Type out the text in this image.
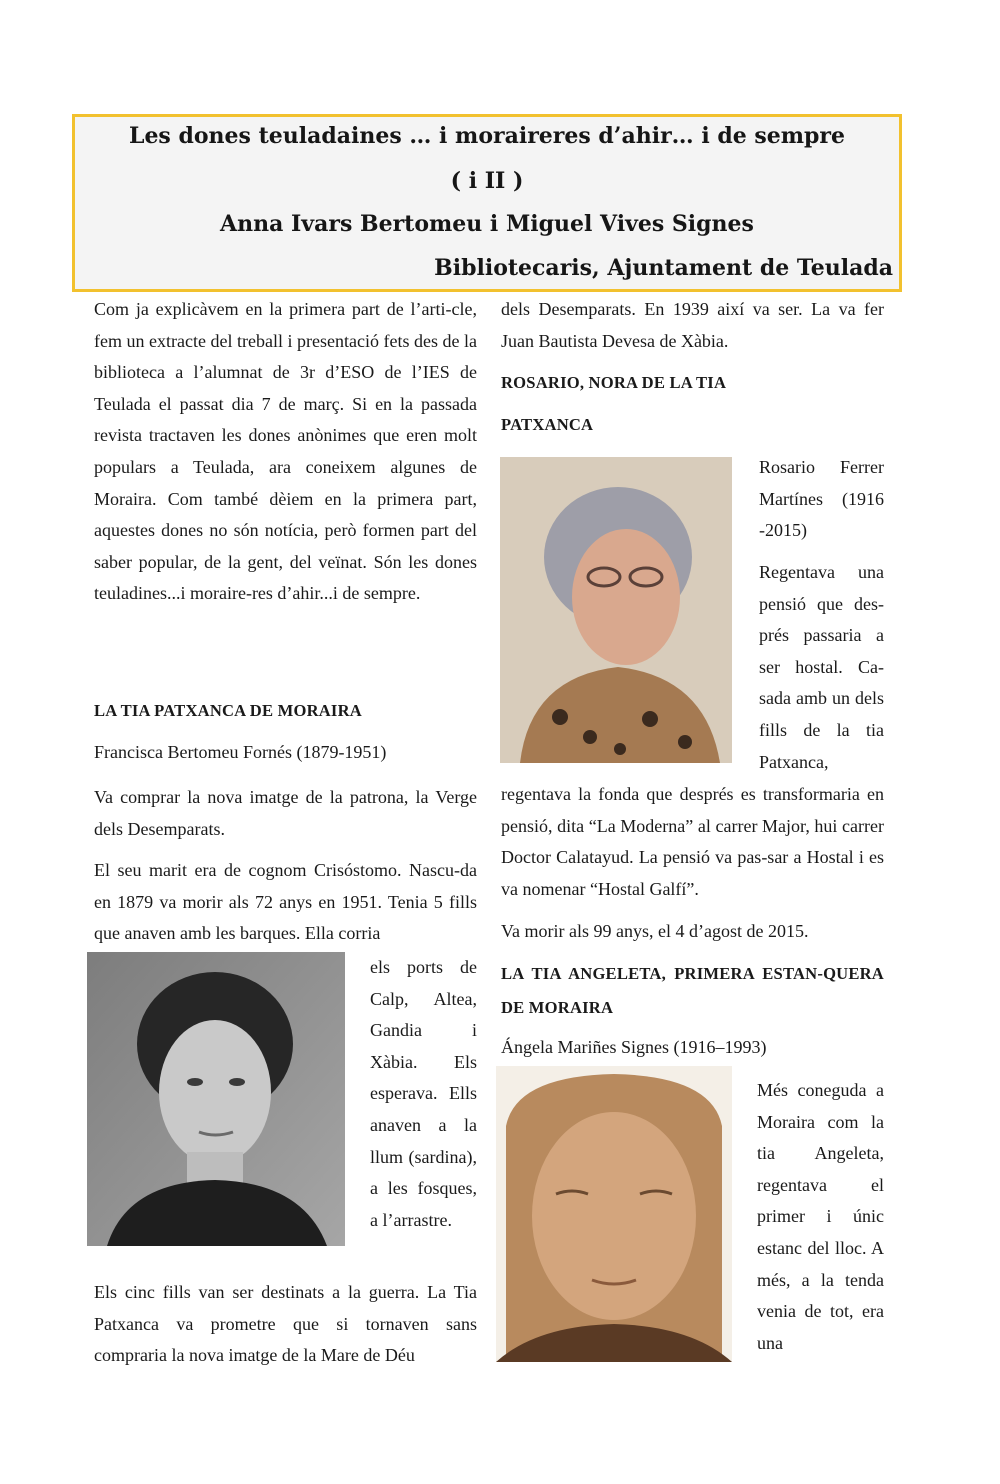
Les dones teuladaines … i moraireres d’ahir… i de sempre

( i II )

Anna Ivars Bertomeu i Miguel Vives Signes

Bibliotecaris, Ajuntament de Teulada

Com ja explicàvem en la primera part de l’arti-cle, fem un extracte del treball i presentació fets des de la biblioteca a l’alumnat de 3r d’ESO de l’IES de Teulada el passat dia 7 de març. Si en la passada revista tractaven les dones anònimes que eren molt populars a Teulada, ara coneixem algunes de Moraira. Com també dèiem en la primera part, aquestes dones no són notícia, però formen part del saber popular, de la gent, del veïnat. Són les dones teuladines...i moraire-res d’ahir...i de sempre.

LA TIA PATXANCA DE MORAIRA

Francisca Bertomeu Fornés (1879-1951)

Va comprar la nova imatge de la patrona, la Verge dels Desemparats.

El seu marit era de cognom Crisóstomo. Nascu-da en 1879 va morir als 72 anys en 1951. Tenia 5 fills que anaven amb les barques. Ella corria

els ports de Calp, Altea, Gandia i Xàbia. Els esperava. Ells anaven a la llum (sardina), a les fosques, a l’arrastre.

Els cinc fills van ser destinats a la guerra. La Tia Patxanca va prometre que si tornaven sans compraria la nova imatge de la Mare de Déu

dels Desemparats. En 1939 així va ser. La va fer Juan Bautista Devesa de Xàbia.

ROSARIO, NORA DE LA TIA

PATXANCA

Rosario Ferrer Martínes (1916 -2015)

Regentava una pensió que des-prés passaria a ser hostal. Ca-sada amb un dels fills de la tia Patxanca,

regentava la fonda que després es transformaria en pensió, dita “La Moderna” al carrer Major, hui carrer Doctor Calatayud. La pensió va pas-sar a Hostal i es va nomenar “Hostal Galfí”.

Va morir als 99 anys, el 4 d’agost de 2015.

LA TIA ANGELETA, PRIMERA ESTAN-QUERA DE MORAIRA

Ángela Mariñes Signes (1916–1993)

Més coneguda a Moraira com la tia Angeleta, regentava el primer i únic estanc del lloc. A més, a la tenda venia de tot, era una
